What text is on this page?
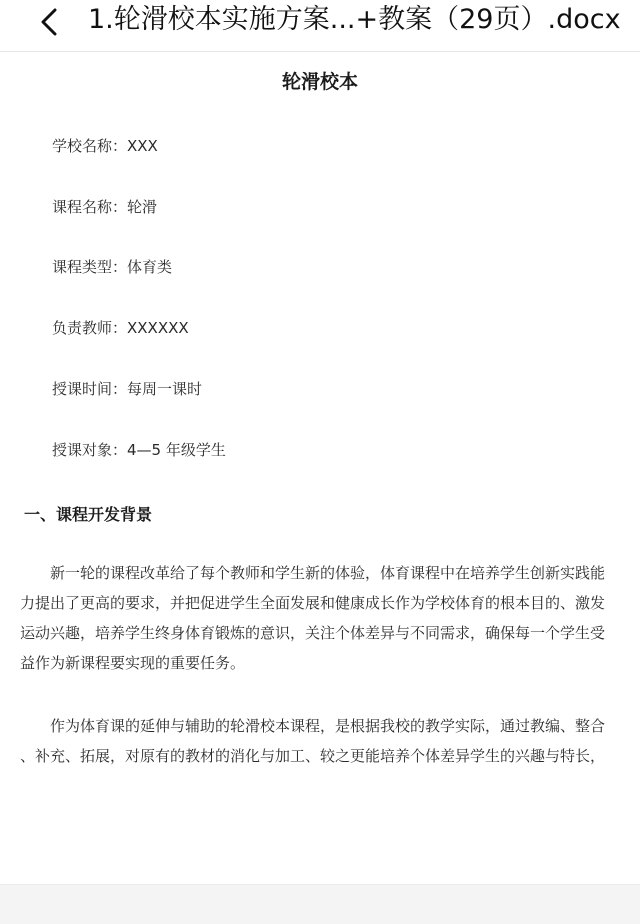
1.轮滑校本实施方案...+教案（29页）.docx
轮滑校本
学校名称：XXX
课程名称：轮滑
课程类型：体育类
负责教师：XXXXXX
授课时间：每周一课时
授课对象：4—5 年级学生
一、课程开发背景

　　新一轮的课程改革给了每个教师和学生新的体验，体育课程中在培养学生创新实践能

力提出了更高的要求，并把促进学生全面发展和健康成长作为学校体育的根本目的、激发

运动兴趣，培养学生终身体育锻炼的意识，关注个体差异与不同需求，确保每一个学生受

益作为新课程要实现的重要任务。

　　作为体育课的延伸与辅助的轮滑校本课程，是根据我校的教学实际，通过教编、整合

、补充、拓展，对原有的教材的消化与加工、较之更能培养个体差异学生的兴趣与特长，
